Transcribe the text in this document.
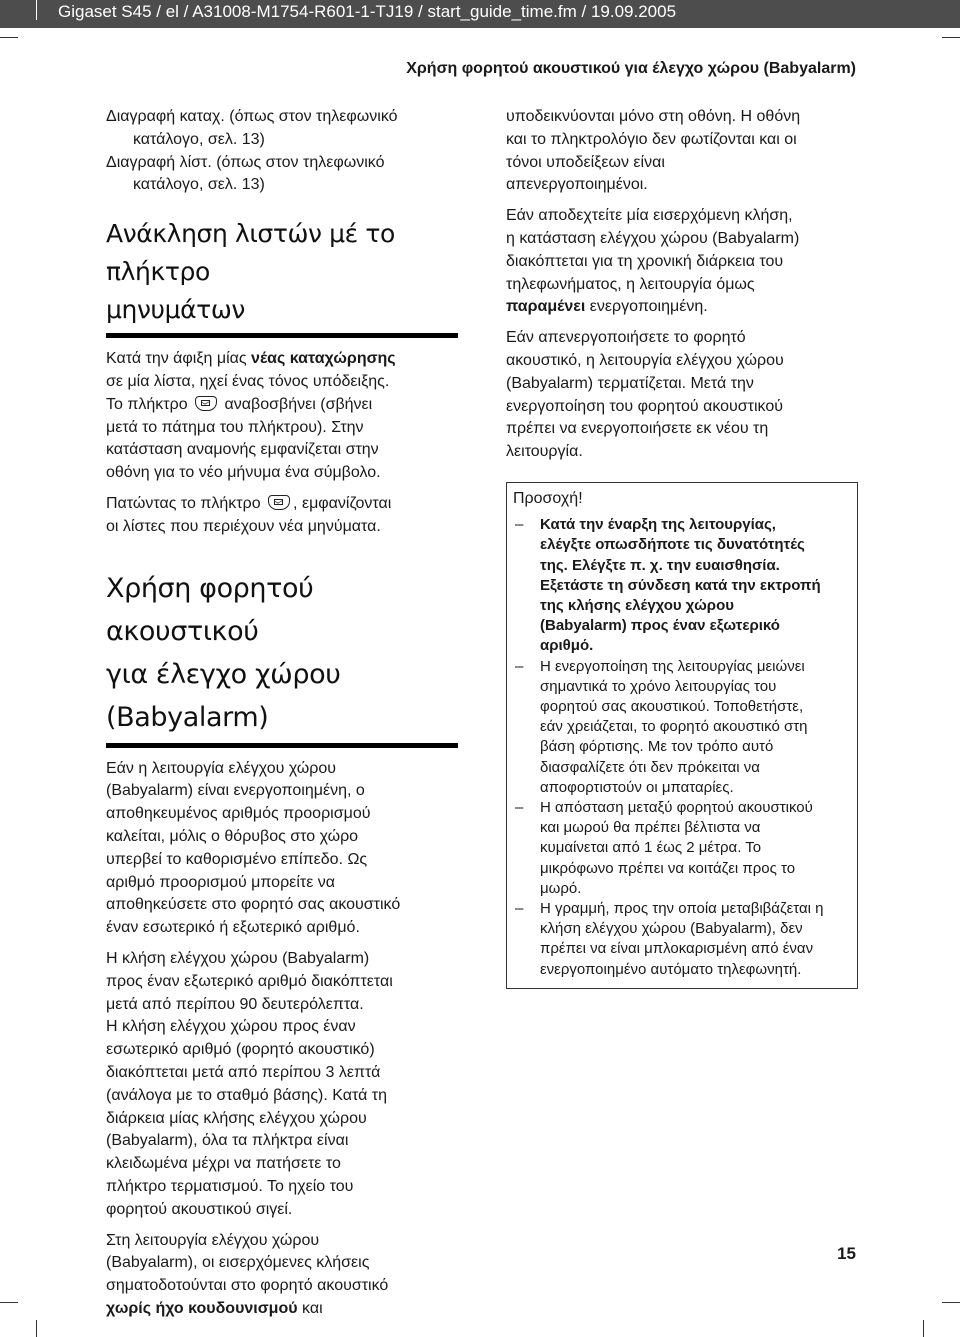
Gigaset S45 / el / A31008-M1754-R601-1-TJ19 / start_guide_time.fm / 19.09.2005
Χρήση φορητού ακουστικού για έλεγχο χώρου (Babyalarm)
Διαγραφή καταχ. (όπως στον τηλεφωνικό
κατάλογο, σελ. 13)
Διαγραφή λίστ. (όπως στον τηλεφωνικό
κατάλογο, σελ. 13)
Ανάκληση λιστών μέ το πλήκτρο
μηνυμάτων
Κατά την άφιξη μίας νέας καταχώρησης
σε μία λίστα, ηχεί ένας τόνος υπόδειξης.
Το πλήκτρο αναβοσβήνει (σβήνει
μετά το πάτημα του πλήκτρου). Στην
κατάσταση αναμονής εμφανίζεται στην
οθόνη για το νέο μήνυμα ένα σύμβολο.
Πατώντας το πλήκτρο , εμφανίζονται
οι λίστες που περιέχουν νέα μηνύματα.
Χρήση φορητού ακουστικού
για έλεγχο χώρου
(Babyalarm)

Εάν η λειτουργία ελέγχου χώρου
(Babyalarm) είναι ενεργοποιημένη, ο
αποθηκευμένος αριθμός προορισμού
καλείται, μόλις ο θόρυβος στο χώρο
υπερβεί το καθορισμένο επίπεδο. Ως
αριθμό προορισμού μπορείτε να
αποθηκεύσετε στο φορητό σας ακουστικό
έναν εσωτερικό ή εξωτερικό αριθμό.

Η κλήση ελέγχου χώρου (Babyalarm)
προς έναν εξωτερικό αριθμό διακόπτεται
μετά από περίπου 90 δευτερόλεπτα.

Η κλήση ελέγχου χώρου προς έναν
εσωτερικό αριθμό (φορητό ακουστικό)
διακόπτεται μετά από περίπου 3 λεπτά
(ανάλογα με το σταθμό βάσης). Κατά τη
διάρκεια μίας κλήσης ελέγχου χώρου
(Babyalarm), όλα τα πλήκτρα είναι
κλειδωμένα μέχρι να πατήσετε το
πλήκτρο τερματισμού. Το ηχείο του
φορητού ακουστικού σιγεί.

Στη λειτουργία ελέγχου χώρου
(Babyalarm), οι εισερχόμενες κλήσεις
σηματοδοτούνται στο φορητό ακουστικό
χωρίς ήχο κουδουνισμού και

υποδεικνύονται μόνο στη οθόνη. Η οθόνη
και το πληκτρολόγιο δεν φωτίζονται και οι
τόνοι υποδείξεων είναι
απενεργοποιημένοι.

Εάν αποδεχτείτε μία εισερχόμενη κλήση,
η κατάσταση ελέγχου χώρου (Babyalarm)
διακόπτεται για τη χρονική διάρκεια του
τηλεφωνήματος, η λειτουργία όμως
παραμένει ενεργοποιημένη.

Εάν απενεργοποιήσετε το φορητό
ακουστικό, η λειτουργία ελέγχου χώρου
(Babyalarm) τερματίζεται. Μετά την
ενεργοποίηση του φορητού ακουστικού
πρέπει να ενεργοποιήσετε εκ νέου τη
λειτουργία.

Προσοχή!
– Κατά την έναρξη της λειτουργίας,
ελέγξτε οπωσδήποτε τις δυνατότητές
της. Ελέγξτε π. χ. την ευαισθησία.
Εξετάστε τη σύνδεση κατά την εκτροπή
της κλήσης ελέγχου χώρου
(Babyalarm) προς έναν εξωτερικό
αριθμό.
– Η ενεργοποίηση της λειτουργίας μειώνει
σημαντικά το χρόνο λειτουργίας του
φορητού σας ακουστικού. Τοποθετήστε,
εάν χρειάζεται, το φορητό ακουστικό στη
βάση φόρτισης. Με τον τρόπο αυτό
διασφαλίζετε ότι δεν πρόκειται να
αποφορτιστούν οι μπαταρίες.
– Η απόσταση μεταξύ φορητού ακουστικού
και μωρού θα πρέπει βέλτιστα να
κυμαίνεται από 1 έως 2 μέτρα. Το
μικρόφωνο πρέπει να κοιτάζει προς το
μωρό.
– Η γραμμή, προς την οποία μεταβιβάζεται η
κλήση ελέγχου χώρου (Babyalarm), δεν
πρέπει να είναι μπλοκαρισμένη από έναν
ενεργοποιημένο αυτόματο τηλεφωνητή.
15
